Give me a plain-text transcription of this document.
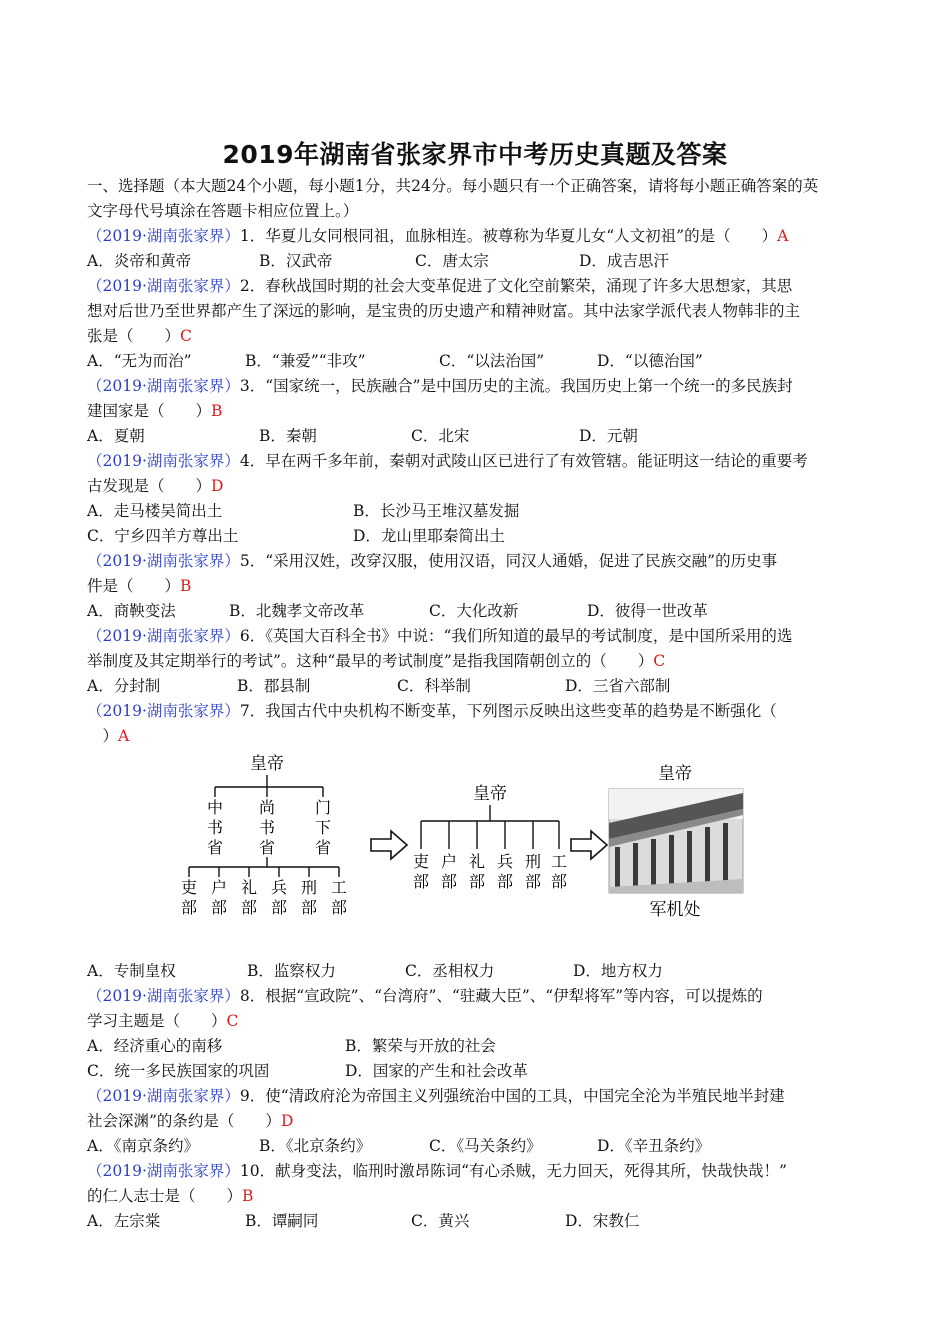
2019年湖南省张家界市中考历史真题及答案
一、选择题（本大题24个小题，每小题1分，共24分。每小题只有一个正确答案，请将每小题正确答案的英
文字母代号填涂在答题卡相应位置上。）
（2019·湖南张家界）1．华夏儿女同根同祖，血脉相连。被尊称为华夏儿女“人文初祖”的是（　　）A
A．炎帝和黄帝	B．汉武帝	C．唐太宗	D．成吉思汗
（2019·湖南张家界）2．春秋战国时期的社会大变革促进了文化空前繁荣，涌现了许多大思想家，其思
想对后世乃至世界都产生了深远的影响，是宝贵的历史遗产和精神财富。其中法家学派代表人物韩非的主
张是（　　）C
A．“无为而治”	B．“兼爱”“非攻”	C．“以法治国”	D．“以德治国”
（2019·湖南张家界）3．“国家统一，民族融合”是中国历史的主流。我国历史上第一个统一的多民族封
建国家是（　　）B
A．夏朝	B．秦朝	C．北宋	D．元朝
（2019·湖南张家界）4．早在两千多年前，秦朝对武陵山区已进行了有效管辖。能证明这一结论的重要考
古发现是（　　）D
A．走马楼吴简出土	B．长沙马王堆汉墓发掘
C．宁乡四羊方尊出土	D．龙山里耶秦简出土
（2019·湖南张家界）5．“采用汉姓，改穿汉服，使用汉语，同汉人通婚，促进了民族交融”的历史事
件是（　　）B
A．商鞅变法	B．北魏孝文帝改革	C．大化改新	D．彼得一世改革
（2019·湖南张家界）6．《英国大百科全书》中说：“我们所知道的最早的考试制度，是中国所采用的选
举制度及其定期举行的考试”。这种“最早的考试制度”是指我国隋朝创立的（　　）C
A．分封制	B．郡县制	C．科举制	D．三省六部制
（2019·湖南张家界）7．我国古代中央机构不断变革，下列图示反映出这些变革的趋势是不断强化（
　）A
皇帝
中
书
省
尚
书
省
门
下
省
吏
部
户
部
礼
部
兵
部
刑
部
工
部
皇帝
吏
部
户
部
礼
部
兵
部
刑
部
工
部
皇帝
军机处
A．专制皇权	B．监察权力	C．丞相权力	D．地方权力
（2019·湖南张家界）8．根据“宣政院”、“台湾府”、“驻藏大臣”、“伊犁将军”等内容，可以提炼的
学习主题是（　　）C
A．经济重心的南移	B．繁荣与开放的社会
C．统一多民族国家的巩固	D．国家的产生和社会改革
（2019·湖南张家界）9．使“清政府沦为帝国主义列强统治中国的工具，中国完全沦为半殖民地半封建
社会深渊”的条约是（　　）D
A．《南京条约》	B．《北京条约》	C．《马关条约》	D．《辛丑条约》
（2019·湖南张家界）10．献身变法，临刑时激昂陈词“有心杀贼，无力回天，死得其所，快哉快哉！”
的仁人志士是（　　）B
A．左宗棠	B．谭嗣同	C．黄兴	D．宋教仁
